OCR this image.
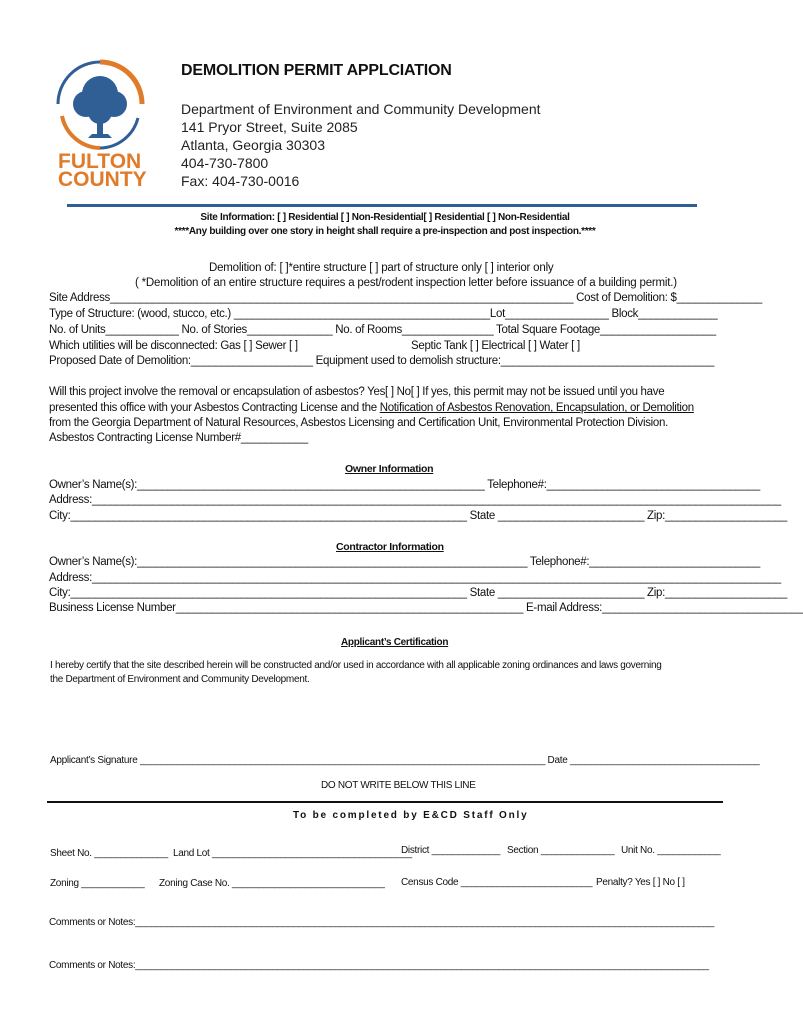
FULTON
COUNTY
DEMOLITION PERMIT APPLCIATION
Department of Environment and Community Development
141 Pryor Street, Suite 2085
Atlanta, Georgia 30303
404-730-7800
Fax: 404-730-0016
Site Information: [ ] Residential [ ] Non-Residential[ ] Residential [ ] Non-Residential
****Any building over one story in height shall require a pre-inspection and post inspection.****
Demolition of: [ ]*entire structure [ ] part of structure only [ ] interior only
( *Demolition of an entire structure requires a pest/rodent inspection letter before issuance of a building permit.)
Site Address____________________________________________________________________________ Cost of Demolition: $______________
Type of Structure: (wood, stucco, etc.) __________________________________________Lot_________________ Block_____________
No. of Units____________ No. of Stories______________ No. of Rooms_______________ Total Square Footage___________________
Which utilities will be disconnected: Gas [ ] Sewer [ ]	Septic Tank [ ] Electrical [ ] Water [ ]
Proposed Date of Demolition:____________________ Equipment used to demolish structure:___________________________________
Will this project involve the removal or encapsulation of asbestos? Yes[ ] No[ ] If yes, this permit may not be issued until you have
presented this office with your Asbestos Contracting License and the Notification of Asbestos Renovation, Encapsulation, or Demolition
from the Georgia Department of Natural Resources, Asbestos Licensing and Certification Unit, Environmental Protection Division.
Asbestos Contracting License Number#___________
Owner Information
Owner’s Name(s):_________________________________________________________ Telephone#:___________________________________
Address:_________________________________________________________________________________________________________________
City:_________________________________________________________________ State ________________________ Zip:____________________
Contractor Information
Owner’s Name(s):________________________________________________________________ Telephone#:____________________________
Address:_________________________________________________________________________________________________________________
City:_________________________________________________________________ State ________________________ Zip:____________________
Business License Number_________________________________________________________ E-mail Address:_________________________________
Applicant’s Certification
I hereby certify that the site described herein will be constructed and/or used in accordance with all applicable zoning ordinances and laws governing
the Department of Environment and Community Development.
Applicant’s Signature _____________________________________________________________________________ Date ____________________________________
DO NOT WRITE BELOW THIS LINE
To be completed by E&CD Staff Only
Sheet No. ______________ Land Lot ______________________________________
District _____________ Section ______________ Unit No. ____________
Zoning ____________ Zoning Case No. _____________________________ Census Code _________________________ Penalty? Yes [ ] No [ ]
Comments or Notes:______________________________________________________________________________________________________________
Comments or Notes:_____________________________________________________________________________________________________________
